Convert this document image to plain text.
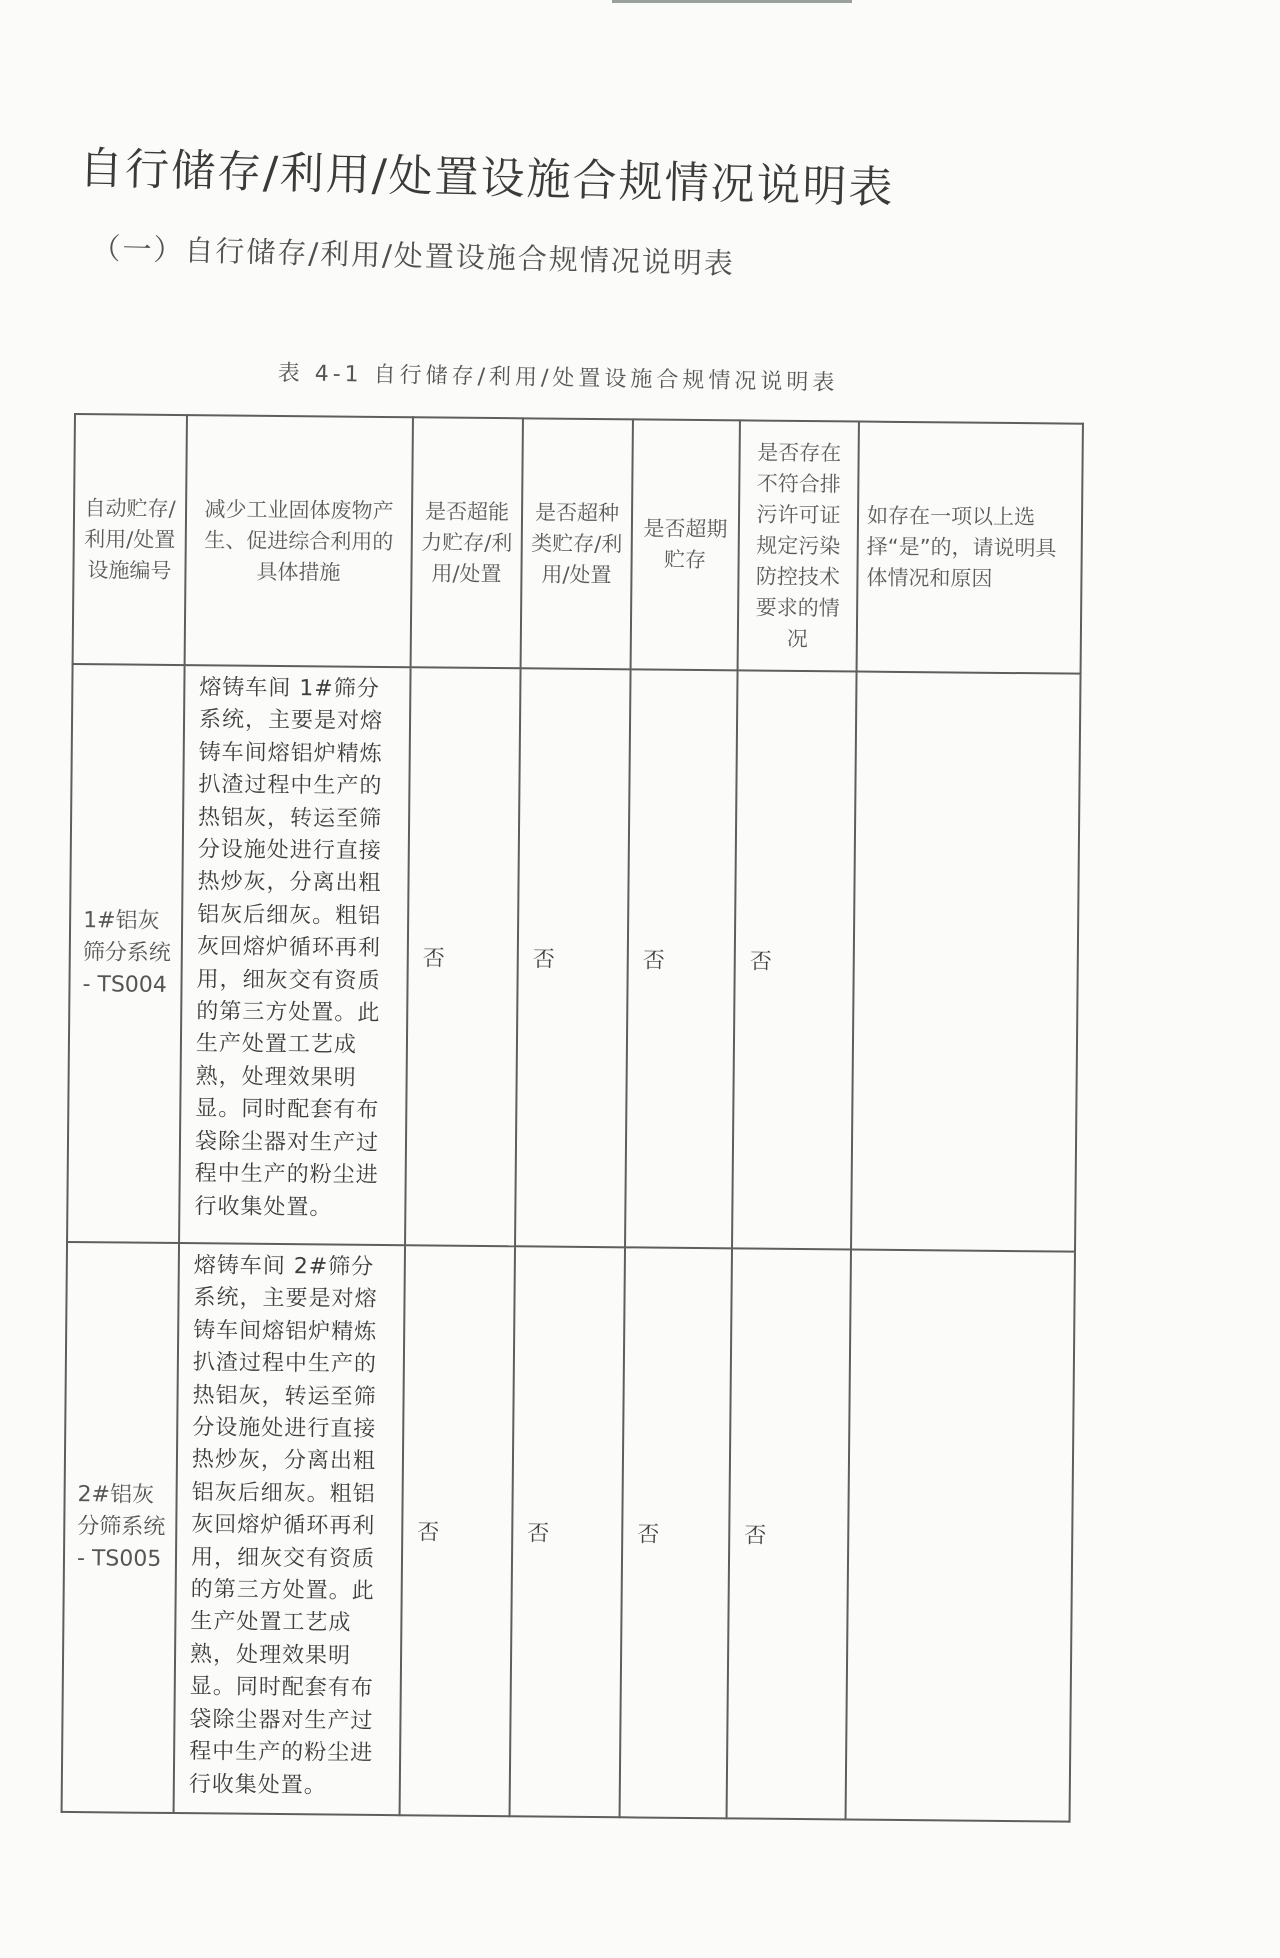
自行储存/利用/处置设施合规情况说明表
（一）自行储存/利用/处置设施合规情况说明表
表 4-1 自行储存/利用/处置设施合规情况说明表
自动贮存/利用/处置设施编号	减少工业固体废物产生、促进综合利用的具体措施	是否超能力贮存/利用/处置	是否超种类贮存/利用/处置	是否超期贮存	是否存在不符合排污许可证规定污染防控技术要求的情况	如存在一项以上选择“是”的，请说明具体情况和原因
1#铝灰筛分系统 - TS004	熔铸车间 1#筛分系统，主要是对熔铸车间熔铝炉精炼扒渣过程中生产的热铝灰，转运至筛分设施处进行直接热炒灰，分离出粗铝灰后细灰。粗铝灰回熔炉循环再利用，细灰交有资质的第三方处置。此生产处置工艺成熟，处理效果明显。同时配套有布袋除尘器对生产过程中生产的粉尘进行收集处置。	否	否	否	否	
2#铝灰分筛系统 - TS005	熔铸车间 2#筛分系统，主要是对熔铸车间熔铝炉精炼扒渣过程中生产的热铝灰，转运至筛分设施处进行直接热炒灰，分离出粗铝灰后细灰。粗铝灰回熔炉循环再利用，细灰交有资质的第三方处置。此生产处置工艺成熟，处理效果明显。同时配套有布袋除尘器对生产过程中生产的粉尘进行收集处置。	否	否	否	否	
